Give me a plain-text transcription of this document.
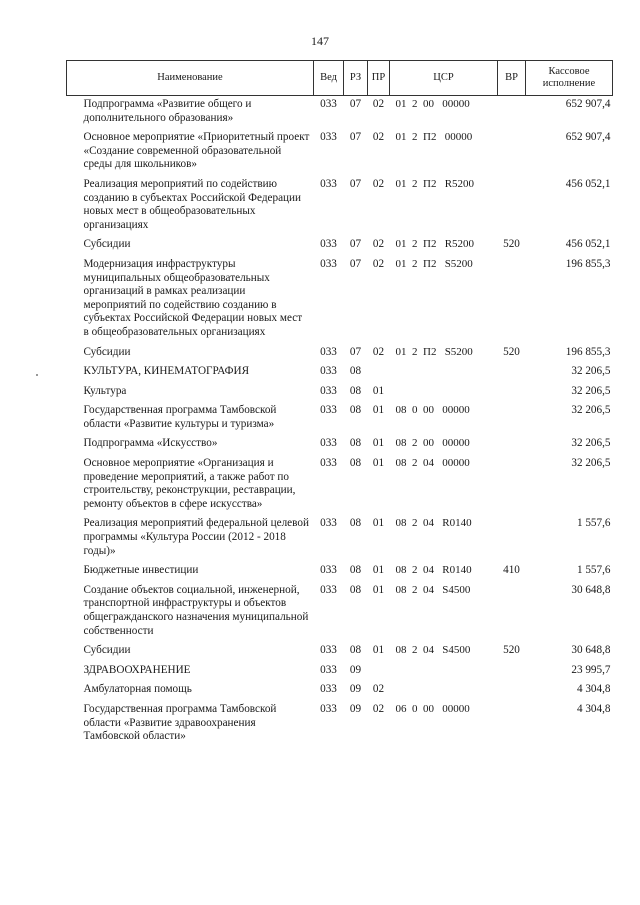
147
Наименование	Вед	РЗ	ПР	ЦСР	ВР	Кассовое исполнение
Подпрограмма «Развитие общего и дополнительного образования»	033	07	02	01  2  00   00000		652 907,4
Основное мероприятие «Приоритетный проект «Создание современной образовательной среды для школьников»	033	07	02	01  2  П2   00000		652 907,4
Реализация мероприятий по содействию созданию в субъектах Российской Федерации новых мест в общеобразовательных организациях	033	07	02	01  2  П2   R5200		456 052,1
Субсидии	033	07	02	01  2  П2   R5200	520	456 052,1
Модернизация инфраструктуры муниципальных общеобразовательных организаций в рамках реализации мероприятий по содействию созданию в субъектах Российской Федерации новых мест в общеобразовательных организациях	033	07	02	01  2  П2   S5200		196 855,3
Субсидии	033	07	02	01  2  П2   S5200	520	196 855,3
КУЛЬТУРА, КИНЕМАТОГРАФИЯ	033	08				32 206,5
Культура	033	08	01			32 206,5
Государственная программа Тамбовской области «Развитие культуры и туризма»	033	08	01	08  0  00   00000		32 206,5
Подпрограмма «Искусство»	033	08	01	08  2  00   00000		32 206,5
Основное мероприятие «Организация и проведение мероприятий, а также работ по строительству, реконструкции, реставрации, ремонту объектов в сфере искусства»	033	08	01	08  2  04   00000		32 206,5
Реализация мероприятий федеральной целевой программы «Культура России (2012 - 2018 годы)»	033	08	01	08  2  04   R0140		1 557,6
Бюджетные инвестиции	033	08	01	08  2  04   R0140	410	1 557,6
Создание объектов социальной, инженерной, транспортной инфраструктуры и объектов общегражданского назначения муниципальной собственности	033	08	01	08  2  04   S4500		30 648,8
Субсидии	033	08	01	08  2  04   S4500	520	30 648,8
ЗДРАВООХРАНЕНИЕ	033	09				23 995,7
Амбулаторная помощь	033	09	02			4 304,8
Государственная программа Тамбовской области «Развитие здравоохранения Тамбовской области»	033	09	02	06  0  00   00000		4 304,8
